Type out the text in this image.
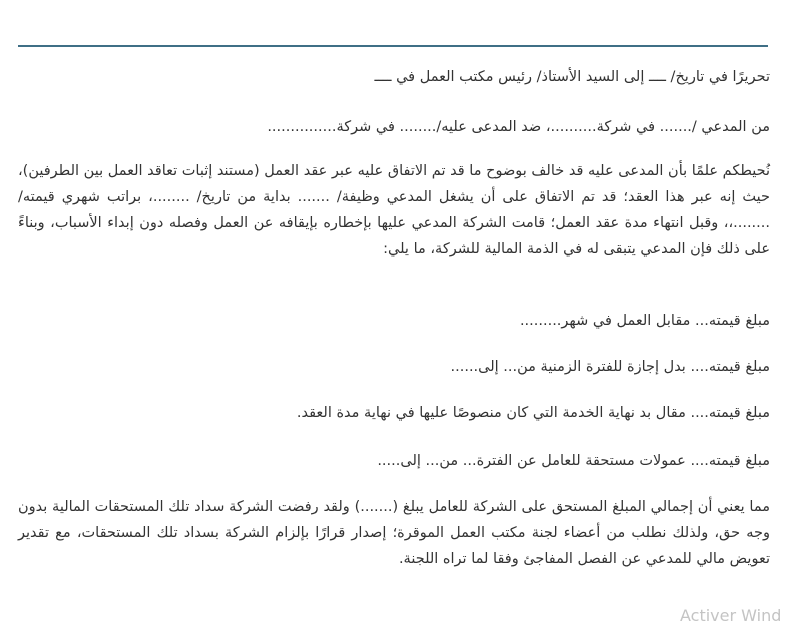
تحريرًا في تاريخ/ ــــ إلى السيد الأستاذ/ رئيس مكتب العمل في ــــ

من المدعي /....... في شركة..........، ضد المدعى عليه/........ في شركة...............

نُحيطكم علمًا بأن المدعى عليه قد خالف بوضوح ما قد تم الاتفاق عليه عبر عقد العمل (مستند إثبات تعاقد العمل بين الطرفين)، حيث إنه عبر هذا العقد؛ قد تم الاتفاق على أن يشغل المدعي وظيفة/ ....... بداية من تاريخ/ ........، براتب شهري قيمته/ ........،، وقبل انتهاء مدة عقد العمل؛ قامت الشركة المدعي عليها بإخطاره بإيقافه عن العمل وفصله دون إبداء الأسباب، وبناءً على ذلك فإن المدعي يتبقى له في الذمة المالية للشركة، ما يلي:

مبلغ قيمته... مقابل العمل في شهر.........

مبلغ قيمته.... بدل إجازة للفترة الزمنية من... إلى......

مبلغ قيمته.... مقال بد نهاية الخدمة التي كان منصوصًا عليها في نهاية مدة العقد.

مبلغ قيمته.... عمولات مستحقة للعامل عن الفترة... من... إلى.....

مما يعني أن إجمالي المبلغ المستحق على الشركة للعامل يبلغ (.......) ولقد رفضت الشركة سداد تلك المستحقات المالية بدون وجه حق، ولذلك نطلب من أعضاء لجنة مكتب العمل الموقرة؛ إصدار قرارًا بإلزام الشركة بسداد تلك المستحقات، مع تقدير تعويض مالي للمدعي عن الفصل المفاجئ وفقا لما تراه اللجنة.

Activer Wind
